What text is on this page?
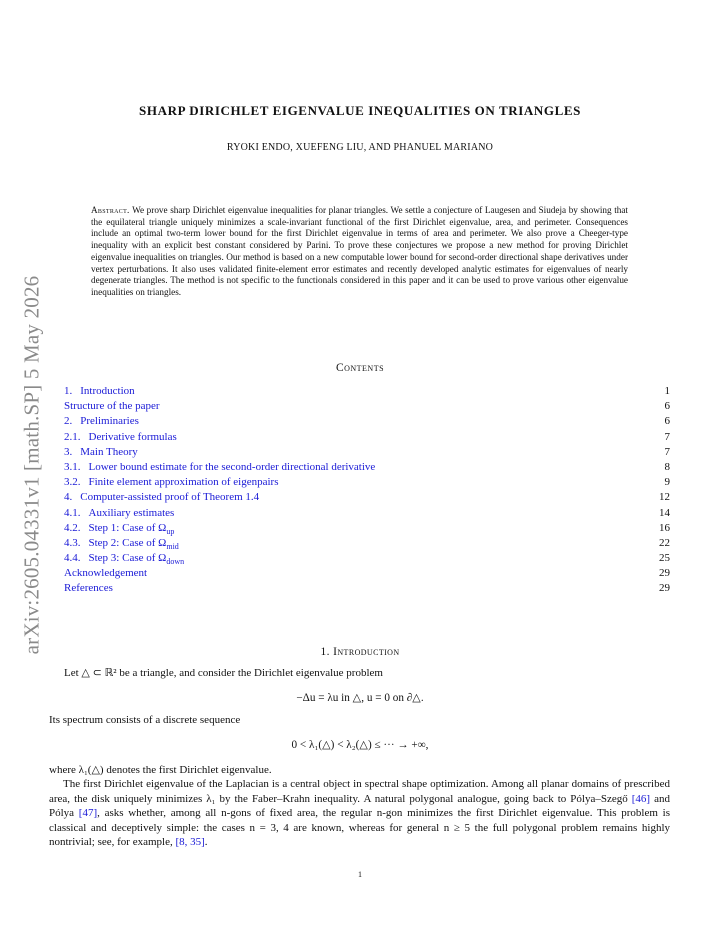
arXiv:2605.04331v1 [math.SP] 5 May 2026
SHARP DIRICHLET EIGENVALUE INEQUALITIES ON TRIANGLES
RYOKI ENDO, XUEFENG LIU, AND PHANUEL MARIANO
Abstract. We prove sharp Dirichlet eigenvalue inequalities for planar triangles. We settle a conjecture of Laugesen and Siudeja by showing that the equilateral triangle uniquely minimizes a scale-invariant functional of the first Dirichlet eigenvalue, area, and perimeter. Consequences include an optimal two-term lower bound for the first Dirichlet eigenvalue in terms of area and perimeter. We also prove a Cheeger-type inequality with an explicit best constant considered by Parini. To prove these conjectures we propose a new method for proving Dirichlet eigenvalue inequalities on triangles. Our method is based on a new computable lower bound for second-order directional shape derivatives under vertex perturbations. It also uses validated finite-element error estimates and recently developed analytic estimates for eigenvalues of nearly degenerate triangles. The method is not specific to the functionals considered in this paper and it can be used to prove various other eigenvalue inequalities on triangles.
Contents
1. Introduction	1
Structure of the paper	6
2. Preliminaries	6
2.1. Derivative formulas	7
3. Main Theory	7
3.1. Lower bound estimate for the second-order directional derivative	8
3.2. Finite element approximation of eigenpairs	9
4. Computer-assisted proof of Theorem 1.4	12
4.1. Auxiliary estimates	14
4.2. Step 1: Case of $\Omega_{up}$	16
4.3. Step 2: Case of $\Omega_{mid}$	22
4.4. Step 3: Case of $\Omega_{down}$	25
Acknowledgement	29
References	29
1. Introduction
Let △ ⊂ ℝ² be a triangle, and consider the Dirichlet eigenvalue problem
−Δu = λu in △, u = 0 on ∂△.
Its spectrum consists of a discrete sequence
0 < λ₁(△) < λ₂(△) ≤ ··· → +∞,
where λ₁(△) denotes the first Dirichlet eigenvalue.
The first Dirichlet eigenvalue of the Laplacian is a central object in spectral shape optimization. Among all planar domains of prescribed area, the disk uniquely minimizes λ₁ by the Faber–Krahn inequality. A natural polygonal analogue, going back to Pólya–Szegő [46] and Pólya [47], asks whether, among all n-gons of fixed area, the regular n-gon minimizes the first Dirichlet eigenvalue. This problem is classical and deceptively simple: the cases n = 3, 4 are known, whereas for general n ≥ 5 the full polygonal problem remains highly nontrivial; see, for example, [8, 35].
1
